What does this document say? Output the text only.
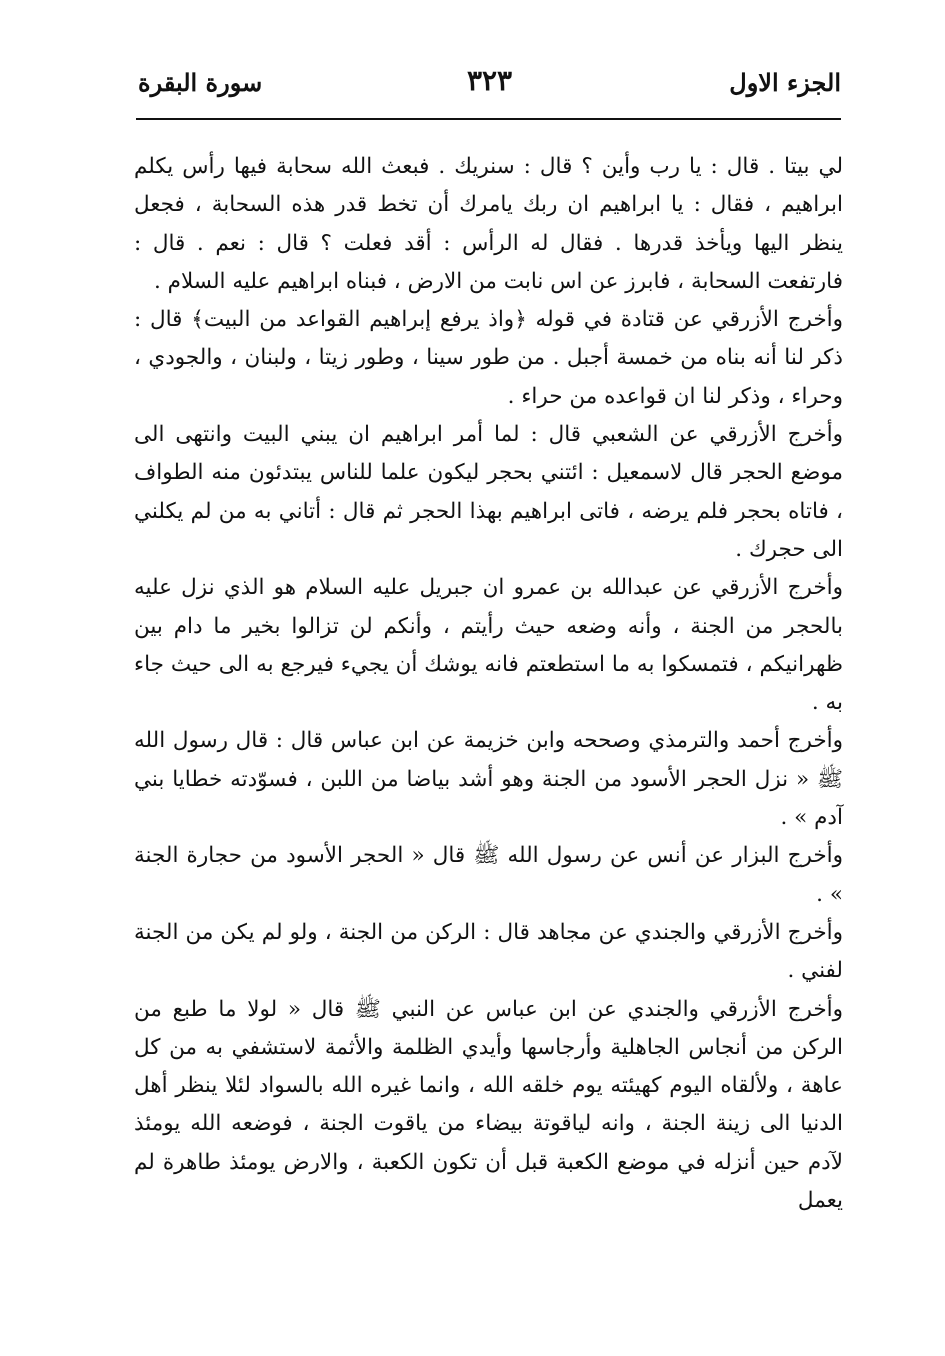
الجزء الاول
٣٢٣
سورة البقرة

لي بيتا . قال : يا رب وأين ؟ قال : سنريك . فبعث الله سحابة فيها رأس يكلم ابراهيم ، فقال : يا ابراهيم ان ربك يامرك أن تخط قدر هذه السحابة ، فجعل ينظر اليها ويأخذ قدرها . فقال له الرأس : أقد فعلت ؟ قال : نعم . قال : فارتفعت السحابة ، فابرز عن اس نابت من الارض ، فبناه ابراهيم عليه السلام .

وأخرج الأزرقي عن قتادة في قوله ﴿واذ يرفع إبراهيم القواعد من البيت﴾ قال : ذكر لنا أنه بناه من خمسة أجبل . من طور سينا ، وطور زيتا ، ولبنان ، والجودي ، وحراء ، وذكر لنا ان قواعده من حراء .

وأخرج الأزرقي عن الشعبي قال : لما أمر ابراهيم ان يبني البيت وانتهى الى موضع الحجر قال لاسمعيل : ائتني بحجر ليكون علما للناس يبتدئون منه الطواف ، فاتاه بحجر فلم يرضه ، فاتى ابراهيم بهذا الحجر ثم قال : أتاني به من لم يكلني الى حجرك .

وأخرج الأزرقي عن عبدالله بن عمرو ان جبريل عليه السلام هو الذي نزل عليه بالحجر من الجنة ، وأنه وضعه حيث رأيتم ، وأنكم لن تزالوا بخير ما دام بين ظهرانيكم ، فتمسكوا به ما استطعتم فانه يوشك أن يجيء فيرجع به الى حيث جاء به .

وأخرج أحمد والترمذي وصححه وابن خزيمة عن ابن عباس قال : قال رسول الله ﷺ « نزل الحجر الأسود من الجنة وهو أشد بياضا من اللبن ، فسوّدته خطايا بني آدم » .

وأخرج البزار عن أنس عن رسول الله ﷺ قال « الحجر الأسود من حجارة الجنة » .

وأخرج الأزرقي والجندي عن مجاهد قال : الركن من الجنة ، ولو لم يكن من الجنة لفني .

وأخرج الأزرقي والجندي عن ابن عباس عن النبي ﷺ قال « لولا ما طبع من الركن من أنجاس الجاهلية وأرجاسها وأيدي الظلمة والأثمة لاستشفي به من كل عاهة ، ولألقاه اليوم كهيئته يوم خلقه الله ، وانما غيره الله بالسواد لئلا ينظر أهل الدنيا الى زينة الجنة ، وانه لياقوتة بيضاء من ياقوت الجنة ، فوضعه الله يومئذ لآدم حين أنزله في موضع الكعبة قبل أن تكون الكعبة ، والارض يومئذ طاهرة لم يعمل
